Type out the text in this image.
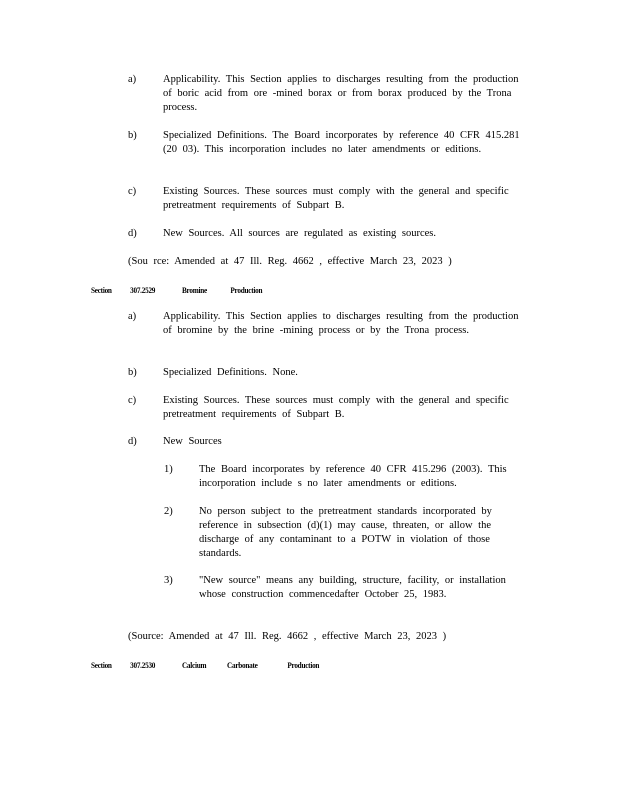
a)	Applicability. This Section applies to discharges resulting from the production of boric acid from ore -mined borax or from borax produced by the Trona process.
b)	Specialized Definitions. The Board incorporates by reference 40 CFR 415.281 (20 03). This incorporation includes no later amendments or editions.
c)	Existing Sources. These sources must comply with the general and specific pretreatment requirements of Subpart B.
d)	New Sources. All sources are regulated as existing sources.
(Sou rce: Amended at 47 Ill. Reg. 4662 , effective March 23, 2023 )
Section 307.2529	Bromine	Production
a)	Applicability. This Section applies to discharges resulting from the production of bromine by the brine -mining process or by the Trona process.
b)	Specialized Definitions. None.
c)	Existing Sources. These sources must comply with the general and specific pretreatment requirements of Subpart B.
d)	New Sources
1)	The Board incorporates by reference 40 CFR 415.296 (2003). This incorporation include s no later amendments or editions.
2)	No person subject to the pretreatment standards incorporated by reference in subsection (d)(1) may cause, threaten, or allow the discharge of any contaminant to a POTW in violation of those standards.
3)	"New source" means any building, structure, facility, or installation whose construction commencedafter October 25, 1983.
(Source: Amended at 47 Ill. Reg. 4662 , effective March 23, 2023 )
Section 307.2530	Calcium Carbonate	Production
